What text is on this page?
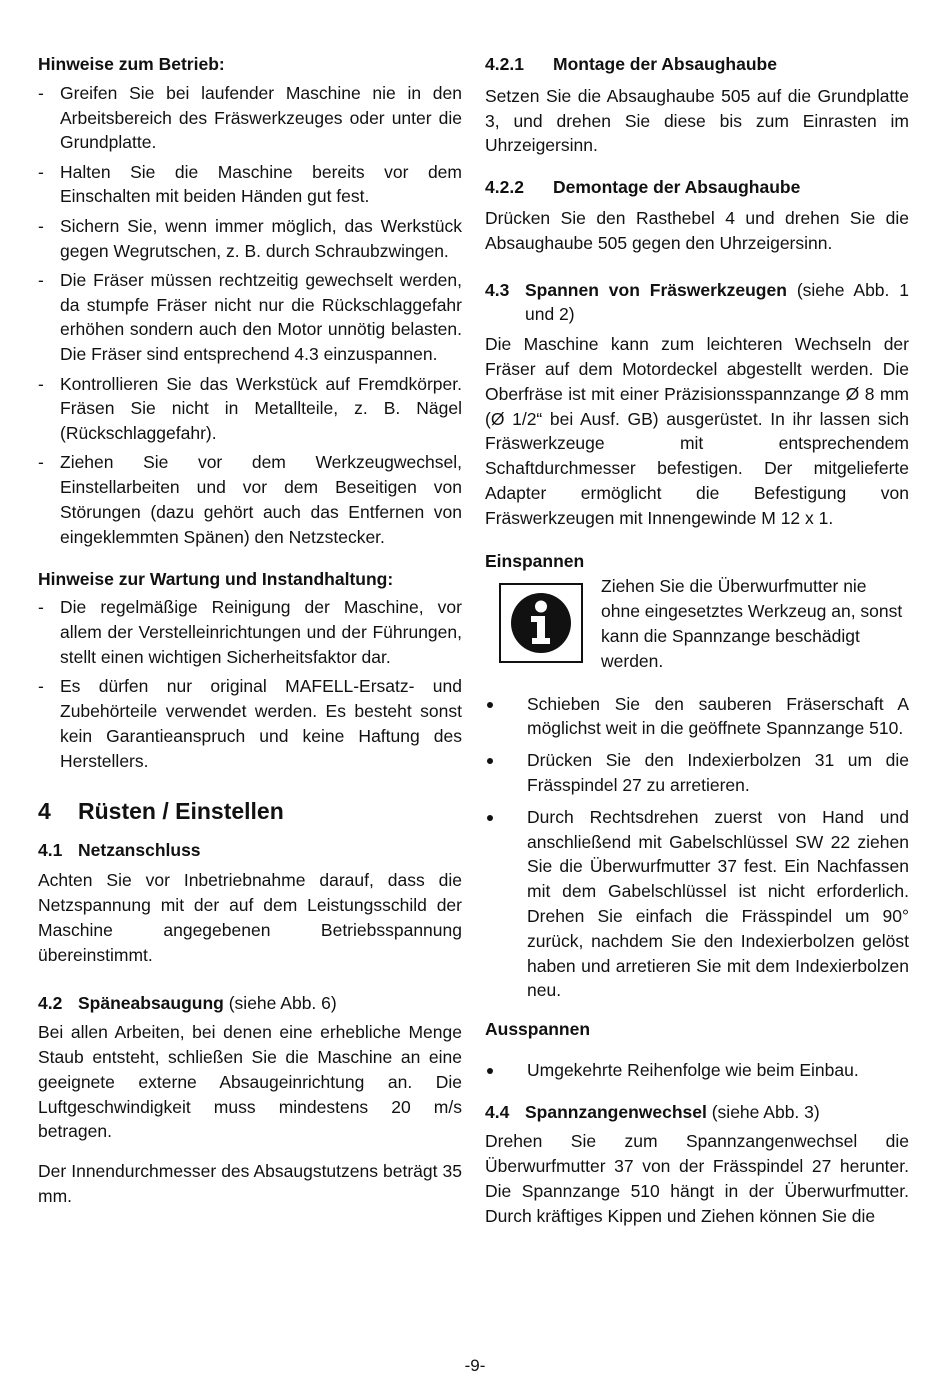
Hinweise zum Betrieb:
- Greifen Sie bei laufender Maschine nie in den Arbeitsbereich des Fräswerkzeuges oder unter die Grundplatte.
- Halten Sie die Maschine bereits vor dem Einschalten mit beiden Händen gut fest.
- Sichern Sie, wenn immer möglich, das Werkstück gegen Wegrutschen, z. B. durch Schraubzwingen.
- Die Fräser müssen rechtzeitig gewechselt werden, da stumpfe Fräser nicht nur die Rückschlaggefahr erhöhen sondern auch den Motor unnötig belasten. Die Fräser sind entsprechend 4.3 einzuspannen.
- Kontrollieren Sie das Werkstück auf Fremdkörper. Fräsen Sie nicht in Metallteile, z. B. Nägel (Rückschlaggefahr).
- Ziehen Sie vor dem Werkzeugwechsel, Einstellarbeiten und vor dem Beseitigen von Störungen (dazu gehört auch das Entfernen von eingeklemmten Spänen) den Netzstecker.
Hinweise zur Wartung und Instandhaltung:
- Die regelmäßige Reinigung der Maschine, vor allem der Verstelleinrichtungen und der Führungen, stellt einen wichtigen Sicherheitsfaktor dar.
- Es dürfen nur original MAFELL-Ersatz- und Zubehörteile verwendet werden. Es besteht sonst kein Garantieanspruch und keine Haftung des Herstellers.
4 Rüsten / Einstellen
4.1 Netzanschluss

Achten Sie vor Inbetriebnahme darauf, dass die Netzspannung mit der auf dem Leistungsschild der Maschine angegebenen Betriebsspannung übereinstimmt.

4.2 Späneabsaugung (siehe Abb. 6)

Bei allen Arbeiten, bei denen eine erhebliche Menge Staub entsteht, schließen Sie die Maschine an eine geeignete externe Absaugeinrichtung an. Die Luftgeschwindigkeit muss mindestens 20 m/s betragen.

Der Innendurchmesser des Absaugstutzens beträgt 35 mm.

4.2.1 Montage der Absaughaube

Setzen Sie die Absaughaube 505 auf die Grundplatte 3, und drehen Sie diese bis zum Einrasten im Uhrzeigersinn.

4.2.2 Demontage der Absaughaube

Drücken Sie den Rasthebel 4 und drehen Sie die Absaughaube 505 gegen den Uhrzeigersinn.

4.3 Spannen von Fräswerkzeugen (siehe Abb. 1 und 2)

Die Maschine kann zum leichteren Wechseln der Fräser auf dem Motordeckel abgestellt werden. Die Oberfräse ist mit einer Präzisionsspannzange Ø 8 mm (Ø 1/2“ bei Ausf. GB) ausgerüstet. In ihr lassen sich Fräswerkzeuge mit entsprechendem Schaftdurchmesser befestigen. Der mitgelieferte Adapter ermöglicht die Befestigung von Fräswerkzeugen mit Innengewinde M 12 x 1.

Einspannen

Ziehen Sie die Überwurfmutter nie ohne eingesetztes Werkzeug an, sonst kann die Spannzange beschädigt werden.

Schieben Sie den sauberen Fräserschaft A möglichst weit in die geöffnete Spannzange 510.
Drücken Sie den Indexierbolzen 31 um die Frässpindel 27 zu arretieren.
Durch Rechtsdrehen zuerst von Hand und anschließend mit Gabelschlüssel SW 22 ziehen Sie die Überwurfmutter 37 fest. Ein Nachfassen mit dem Gabelschlüssel ist nicht erforderlich. Drehen Sie einfach die Frässpindel um 90° zurück, nachdem Sie den Indexierbolzen gelöst haben und arretieren Sie mit dem Indexierbolzen neu.
Ausspannen
Umgekehrte Reihenfolge wie beim Einbau.
4.4 Spannzangenwechsel (siehe Abb. 3)

Drehen Sie zum Spannzangenwechsel die Überwurfmutter 37 von der Frässpindel 27 herunter. Die Spannzange 510 hängt in der Überwurfmutter. Durch kräftiges Kippen und Ziehen können Sie die

-9-
